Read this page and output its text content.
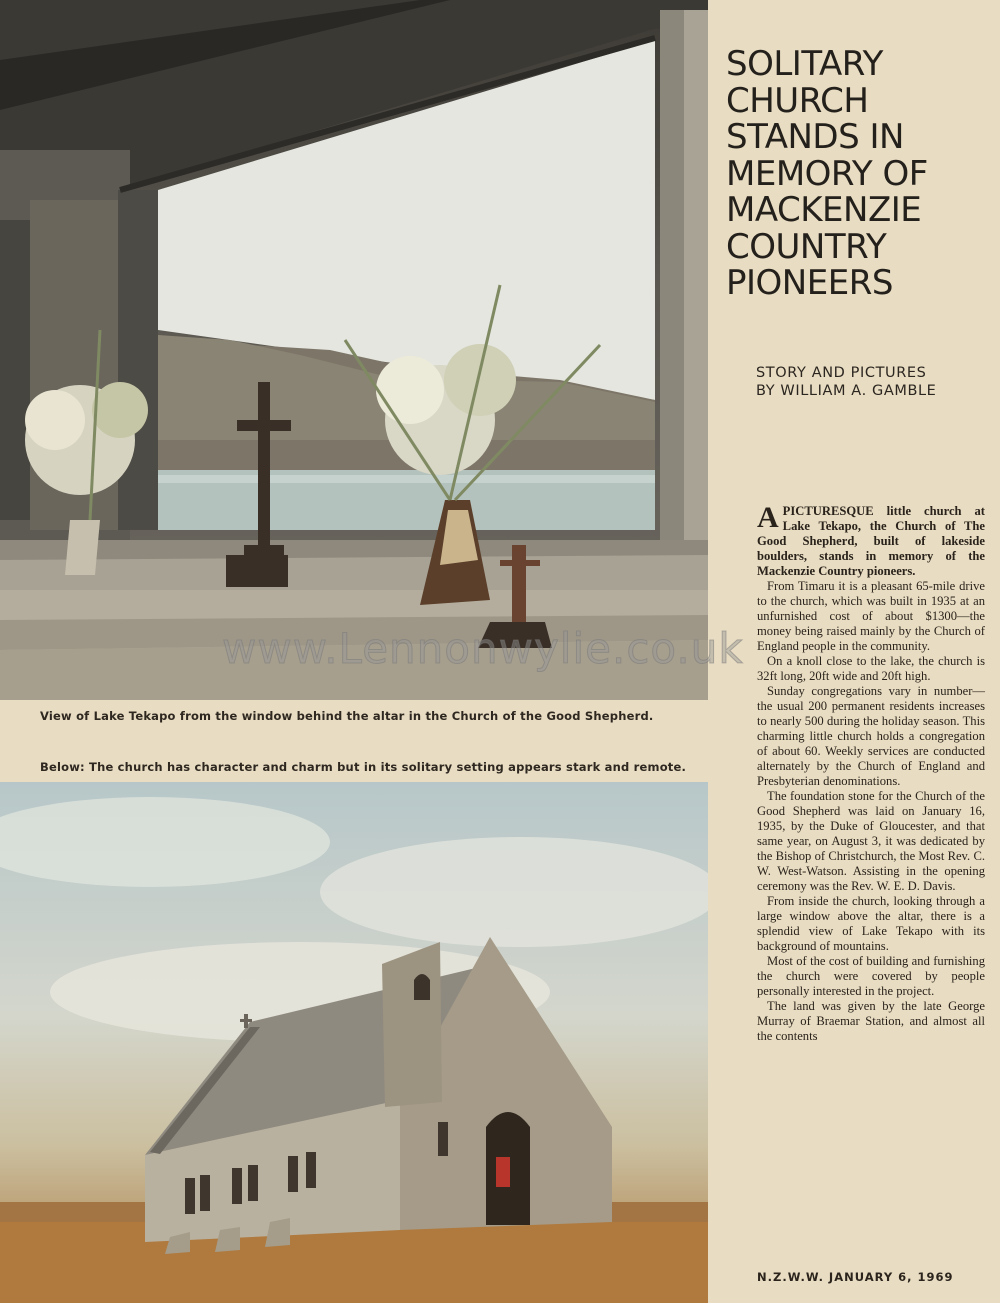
www.Lennonwylie.co.uk
View of Lake Tekapo from the window behind the altar in the Church of the Good Shepherd.
Below: The church has character and charm but in its solitary setting appears stark and remote.
SOLITARY
CHURCH
STANDS IN
MEMORY OF
MACKENZIE
COUNTRY
PIONEERS
STORY AND PICTURES
BY WILLIAM A. GAMBLE

APICTURESQUE little church at Lake Tekapo, the Church of The Good Shepherd, built of lakeside boulders, stands in memory of the Mackenzie Country pioneers.

From Timaru it is a pleasant 65-mile drive to the church, which was built in 1935 at an unfurnished cost of about $1300—the money being raised mainly by the Church of England people in the community.

On a knoll close to the lake, the church is 32ft long, 20ft wide and 20ft high.

Sunday congregations vary in number—the usual 200 permanent residents increases to nearly 500 during the holiday season. This charming little church holds a congregation of about 60. Weekly services are conducted alternately by the Church of England and Presbyterian denominations.

The foundation stone for the Church of the Good Shepherd was laid on January 16, 1935, by the Duke of Gloucester, and that same year, on August 3, it was dedicated by the Bishop of Christchurch, the Most Rev. C. W. West-Watson. Assisting in the opening ceremony was the Rev. W. E. D. Davis.

From inside the church, looking through a large window above the altar, there is a splendid view of Lake Tekapo with its background of mountains.

Most of the cost of building and furnishing the church were covered by people personally interested in the project.

The land was given by the late George Murray of Braemar Station, and almost all the contents

N.Z.W.W. JANUARY 6, 1969
